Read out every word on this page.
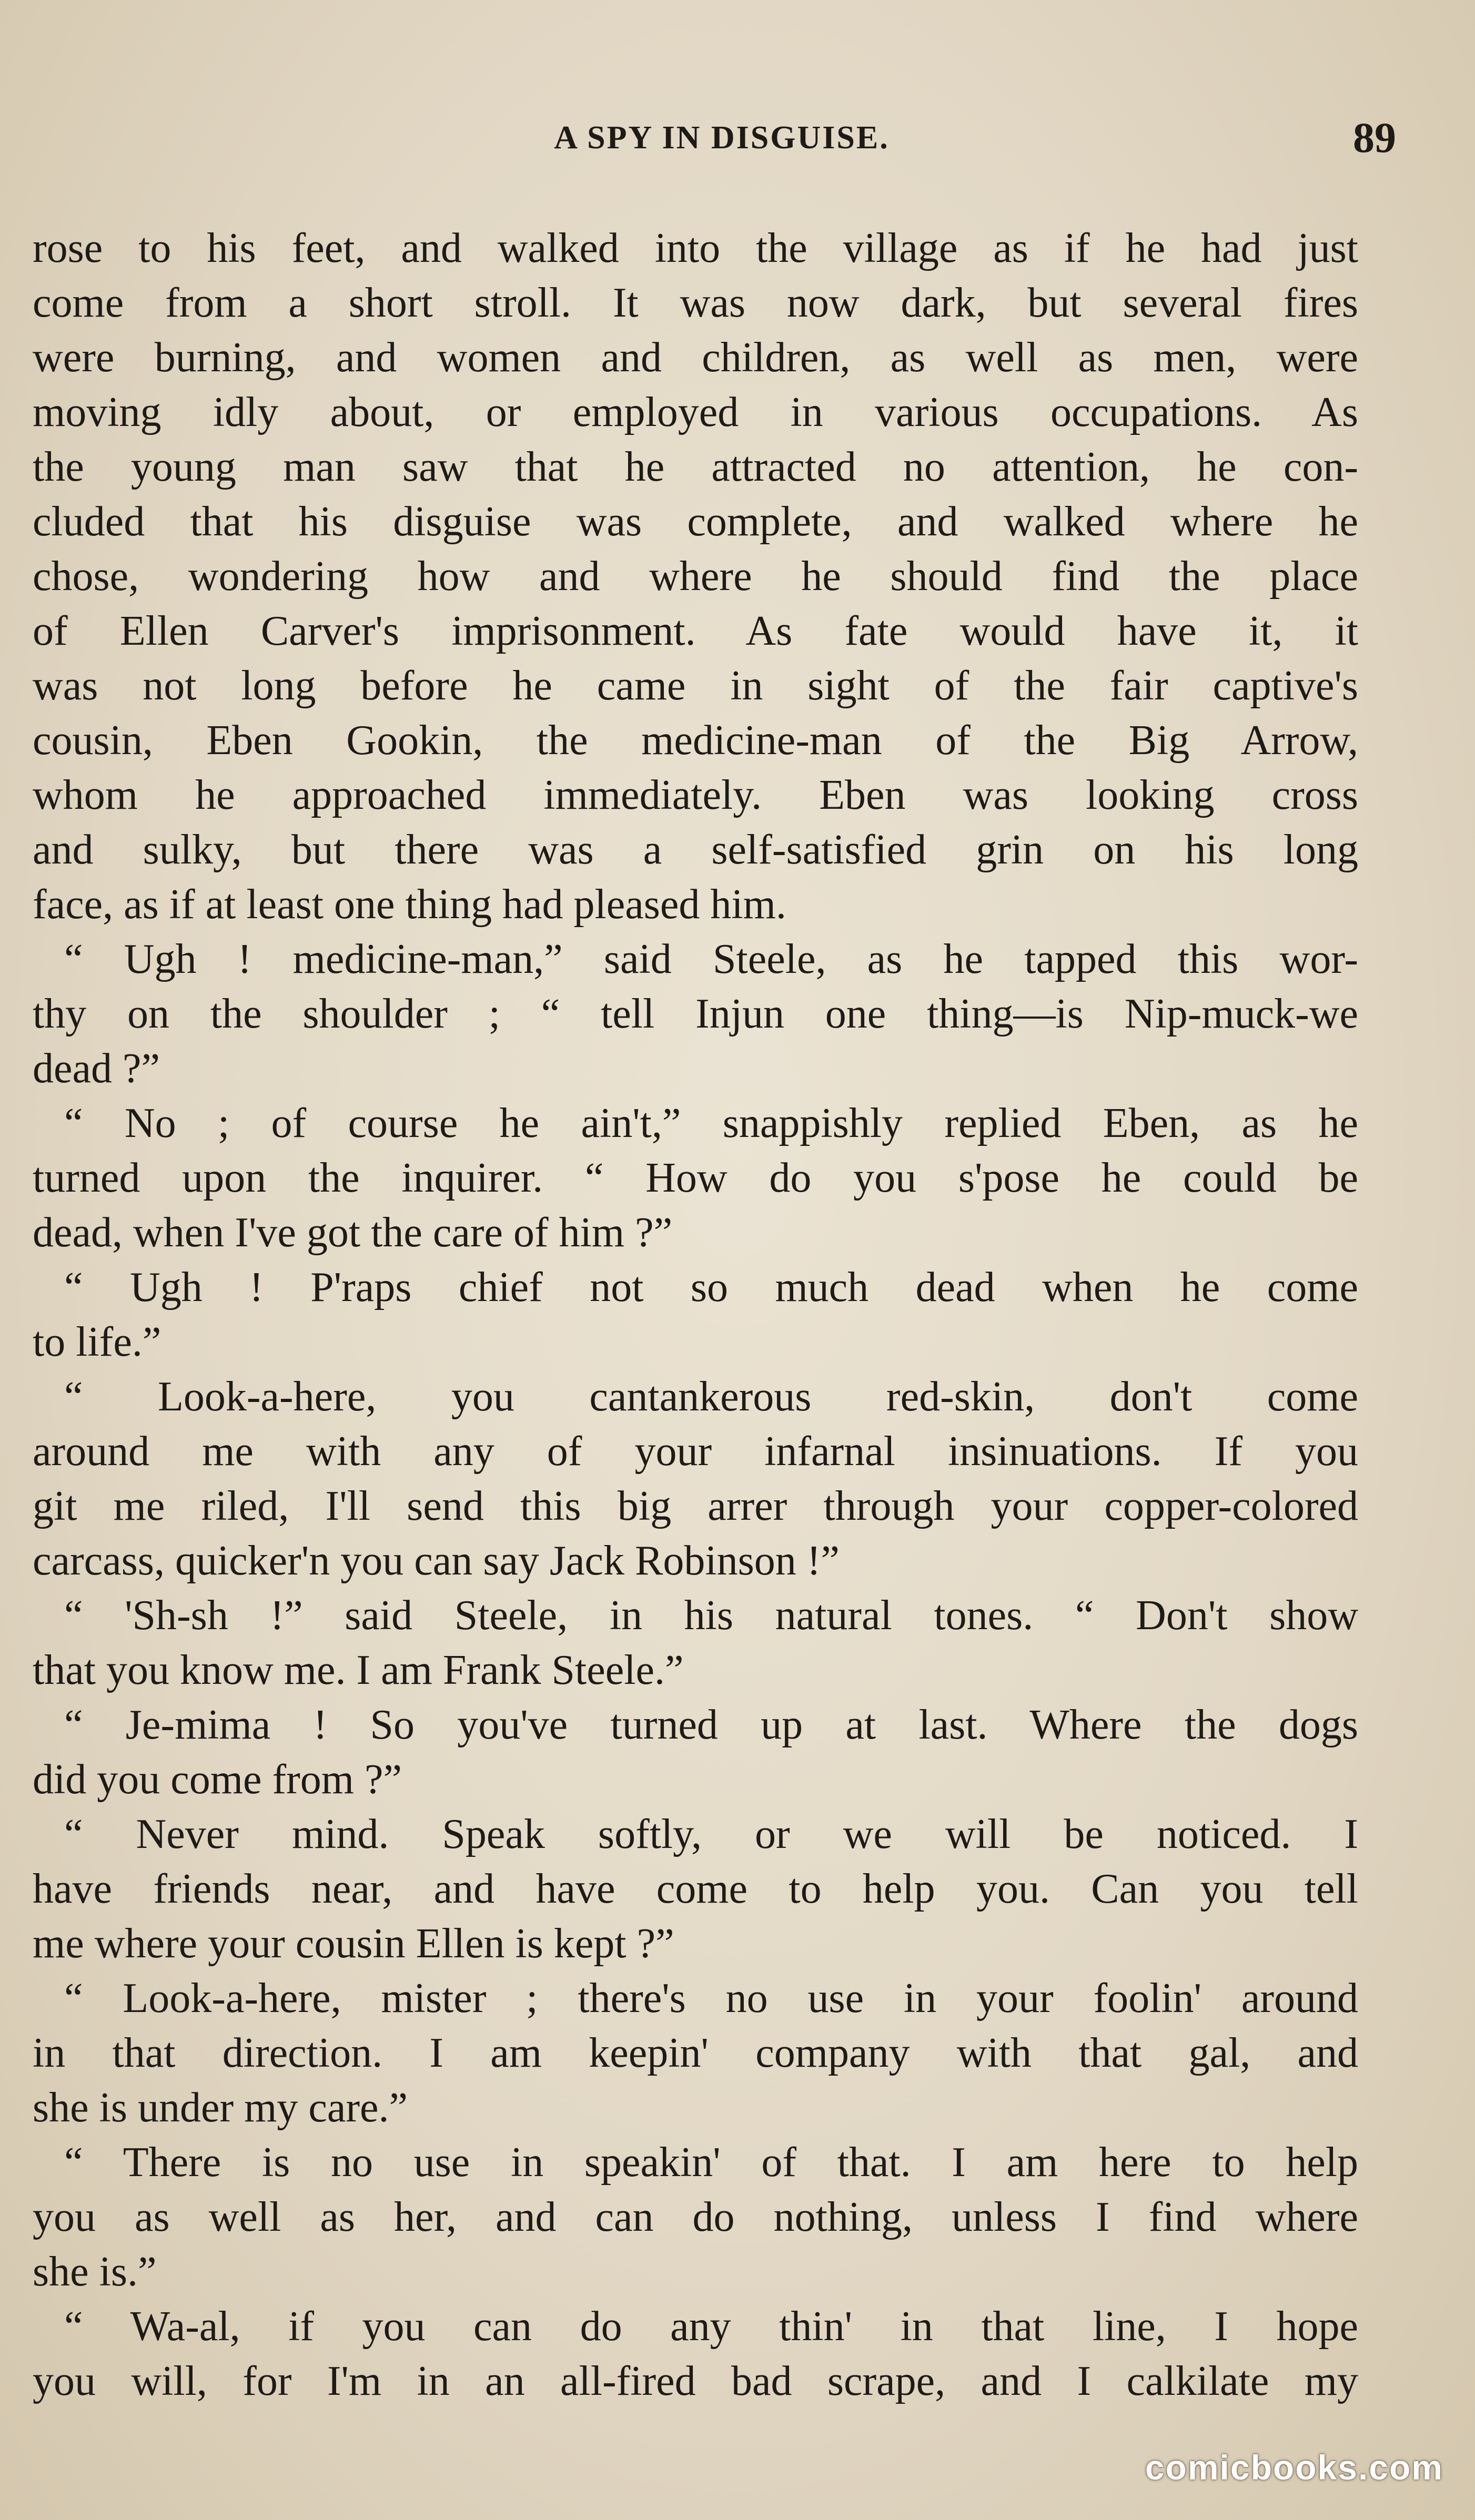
A SPY IN DISGUISE.	89
rose to his feet, and walked into the village as if he had just
come from a short stroll. It was now dark, but several fires
were burning, and women and children, as well as men, were
moving idly about, or employed in various occupations. As
the young man saw that he attracted no attention, he con-
cluded that his disguise was complete, and walked where he
chose, wondering how and where he should find the place
of Ellen Carver's imprisonment. As fate would have it, it
was not long before he came in sight of the fair captive's
cousin, Eben Gookin, the medicine-man of the Big Arrow,
whom he approached immediately. Eben was looking cross
and sulky, but there was a self-satisfied grin on his long
face, as if at least one thing had pleased him.
“ Ugh ! medicine-man,” said Steele, as he tapped this wor-
thy on the shoulder ; “ tell Injun one thing—is Nip-muck-we
dead ?”
“ No ; of course he ain't,” snappishly replied Eben, as he
turned upon the inquirer. “ How do you s'pose he could be
dead, when I've got the care of him ?”
“ Ugh ! P'raps chief not so much dead when he come
to life.”
“ Look-a-here, you cantankerous red-skin, don't come
around me with any of your infarnal insinuations. If you
git me riled, I'll send this big arrer through your copper-colored
carcass, quicker'n you can say Jack Robinson !”
“ 'Sh-sh !” said Steele, in his natural tones. “ Don't show
that you know me. I am Frank Steele.”
“ Je-mima ! So you've turned up at last. Where the dogs
did you come from ?”
“ Never mind. Speak softly, or we will be noticed. I
have friends near, and have come to help you. Can you tell
me where your cousin Ellen is kept ?”
“ Look-a-here, mister ; there's no use in your foolin' around
in that direction. I am keepin' company with that gal, and
she is under my care.”
“ There is no use in speakin' of that. I am here to help
you as well as her, and can do nothing, unless I find where
she is.”
“ Wa-al, if you can do any thin' in that line, I hope
you will, for I'm in an all-fired bad scrape, and I calkilate my
comicbooks.com
